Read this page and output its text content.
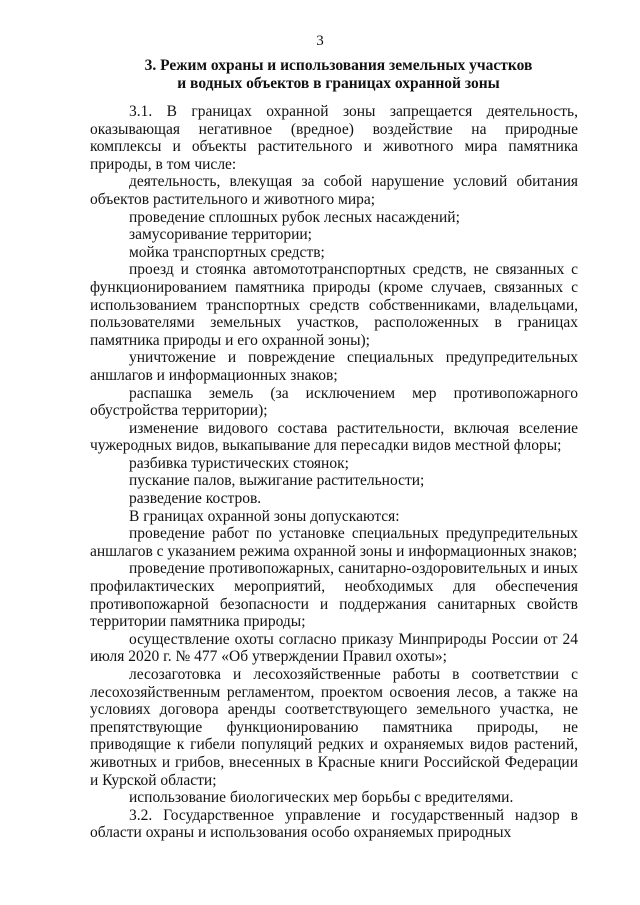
3
3. Режим охраны и использования земельных участков
и водных объектов в границах охранной зоны

3.1. В границах охранной зоны запрещается деятельность, оказывающая негативное (вредное) воздействие на природные комплексы и объекты растительного и животного мира памятника природы, в том числе:

деятельность, влекущая за собой нарушение условий обитания объектов растительного и животного мира;

проведение сплошных рубок лесных насаждений;

замусоривание территории;

мойка транспортных средств;

проезд и стоянка автомототранспортных средств, не связанных с функционированием памятника природы (кроме случаев, связанных с использованием транспортных средств собственниками, владельцами, пользователями земельных участков, расположенных в границах памятника природы и его охранной зоны);

уничтожение и повреждение специальных предупредительных аншлагов и информационных знаков;

распашка земель (за исключением мер противопожарного обустройства территории);

изменение видового состава растительности, включая вселение чужеродных видов, выкапывание для пересадки видов местной флоры;

разбивка туристических стоянок;

пускание палов, выжигание растительности;

разведение костров.

В границах охранной зоны допускаются:

проведение работ по установке специальных предупредительных аншлагов с указанием режима охранной зоны и информационных знаков;

проведение противопожарных, санитарно-оздоровительных и иных профилактических мероприятий, необходимых для обеспечения противопожарной безопасности и поддержания санитарных свойств территории памятника природы;

осуществление охоты согласно приказу Минприроды России от 24 июля 2020 г. № 477 «Об утверждении Правил охоты»;

лесозаготовка и лесохозяйственные работы в соответствии с лесохозяйственным регламентом, проектом освоения лесов, а также на условиях договора аренды соответствующего земельного участка, не препятствующие функционированию памятника природы, не приводящие к гибели популяций редких и охраняемых видов растений, животных и грибов, внесенных в Красные книги Российской Федерации и Курской области;

использование биологических мер борьбы с вредителями.

3.2. Государственное управление и государственный надзор в области охраны и использования особо охраняемых природных
